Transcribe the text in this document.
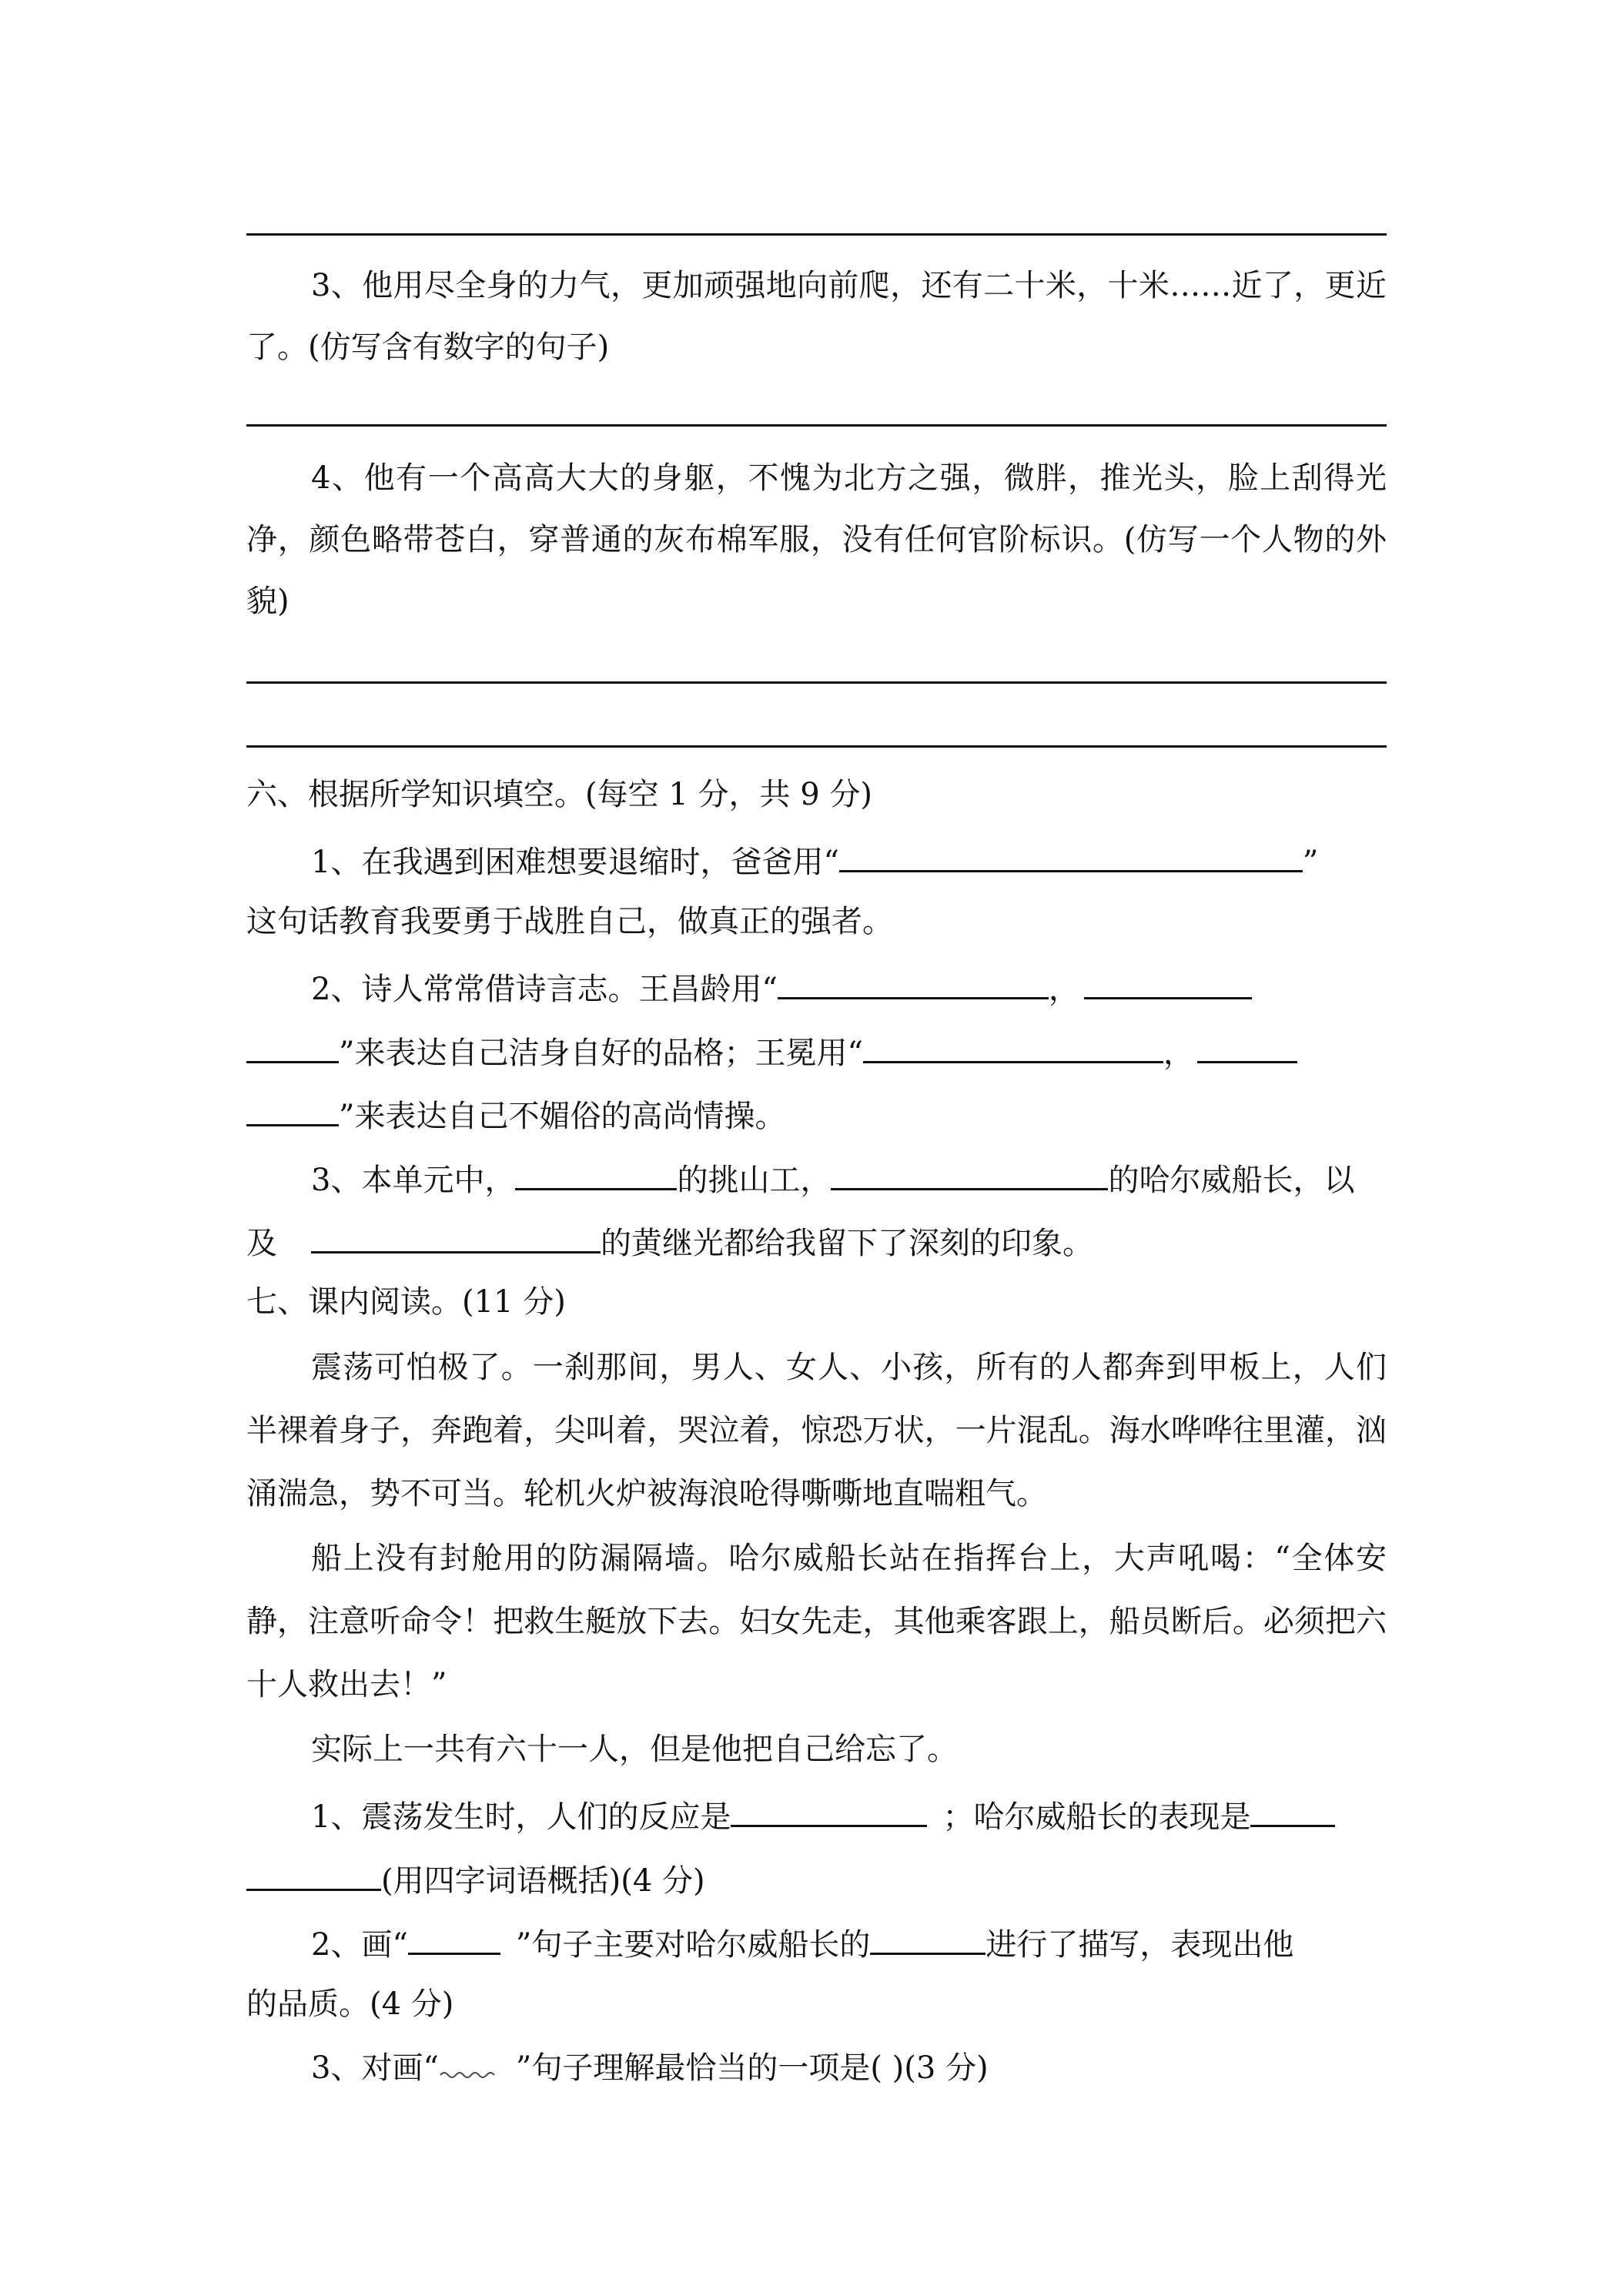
3、他用尽全身的力气，更加顽强地向前爬，还有二十米，十米……近了，更近了。(仿写含有数字的句子)
4、他有一个高高大大的身躯，不愧为北方之强，微胖，推光头，脸上刮得光净，颜色略带苍白，穿普通的灰布棉军服，没有任何官阶标识。(仿写一个人物的外貌)
六、根据所学知识填空。(每空 1 分，共 9 分)
1、在我遇到困难想要退缩时，爸爸用“	”
这句话教育我要勇于战胜自己，做真正的强者。
2、诗人常常借诗言志。王昌龄用“	，
”来表达自己洁身自好的品格；王冕用“	，
”来表达自己不媚俗的高尚情操。
3、本单元中，	的挑山工，	的哈尔威船长，以
及	的黄继光都给我留下了深刻的印象。
七、课内阅读。(11 分)
震荡可怕极了。一刹那间，男人、女人、小孩，所有的人都奔到甲板上，人们半裸着身子，奔跑着，尖叫着，哭泣着，惊恐万状，一片混乱。海水哗哗往里灌，汹涌湍急，势不可当。轮机火炉被海浪呛得嘶嘶地直喘粗气。
船上没有封舱用的防漏隔墙。哈尔威船长站在指挥台上，大声吼喝：“全体安静，注意听命令！把救生艇放下去。妇女先走，其他乘客跟上，船员断后。必须把六十人救出去！”
实际上一共有六十一人，但是他把自己给忘了。
1、震荡发生时，人们的反应是	；哈尔威船长的表现是
(用四字词语概括)(4 分)
2、画“	”句子主要对哈尔威船长的	进行了描写，表现出他
的品质。(4 分)
3、对画“	”句子理解最恰当的一项是( )(3 分)
